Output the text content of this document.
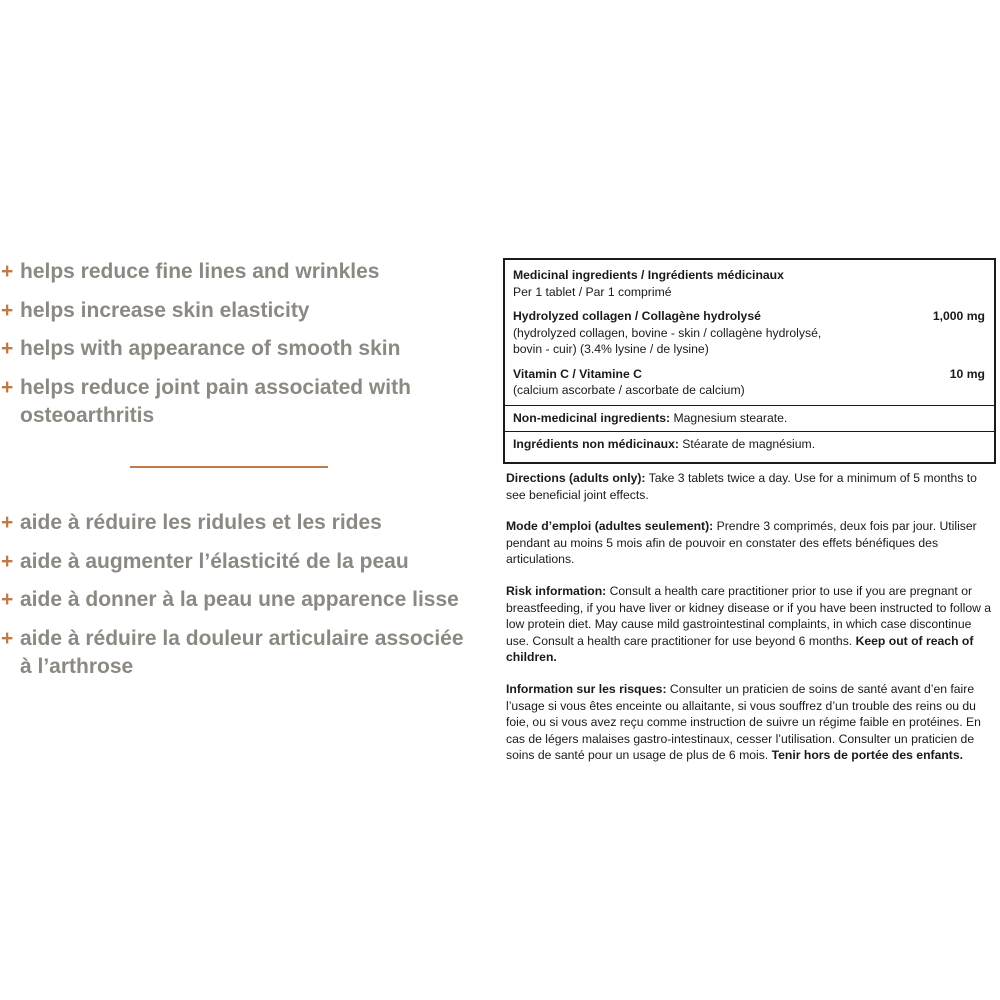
+ helps reduce fine lines and wrinkles
+ helps increase skin elasticity
+ helps with appearance of smooth skin
+ helps reduce joint pain associated with osteoarthritis
+ aide à réduire les ridules et les rides
+ aide à augmenter l’élasticité de la peau
+ aide à donner à la peau une apparence lisse
+ aide à réduire la douleur articulaire associée à l’arthrose
Medicinal ingredients / Ingrédients médicinaux
Per 1 tablet / Par 1 comprimé
Hydrolyzed collagen / Collagène hydrolysé
(hydrolyzed collagen, bovine - skin / collagène hydrolysé, bovin - cuir) (3.4% lysine / de lysine)
1,000 mg
Vitamin C / Vitamine C
(calcium ascorbate / ascorbate de calcium)
10 mg
Non-medicinal ingredients: Magnesium stearate.
Ingrédients non médicinaux: Stéarate de magnésium.

Directions (adults only): Take 3 tablets twice a day. Use for a minimum of 5 months to see beneficial joint effects.

Mode d’emploi (adultes seulement): Prendre 3 comprimés, deux fois par jour. Utiliser pendant au moins 5 mois afin de pouvoir en constater des effets bénéfiques des articulations.

Risk information: Consult a health care practitioner prior to use if you are pregnant or breastfeeding, if you have liver or kidney disease or if you have been instructed to follow a low protein diet. May cause mild gastrointestinal complaints, in which case discontinue use. Consult a health care practitioner for use beyond 6 months. Keep out of reach of children.

Information sur les risques: Consulter un praticien de soins de santé avant d’en faire l’usage si vous êtes enceinte ou allaitante, si vous souffrez d’un trouble des reins ou du foie, ou si vous avez reçu comme instruction de suivre un régime faible en protéines. En cas de légers malaises gastro-intestinaux, cesser l’utilisation. Consulter un praticien de soins de santé pour un usage de plus de 6 mois. Tenir hors de portée des enfants.
